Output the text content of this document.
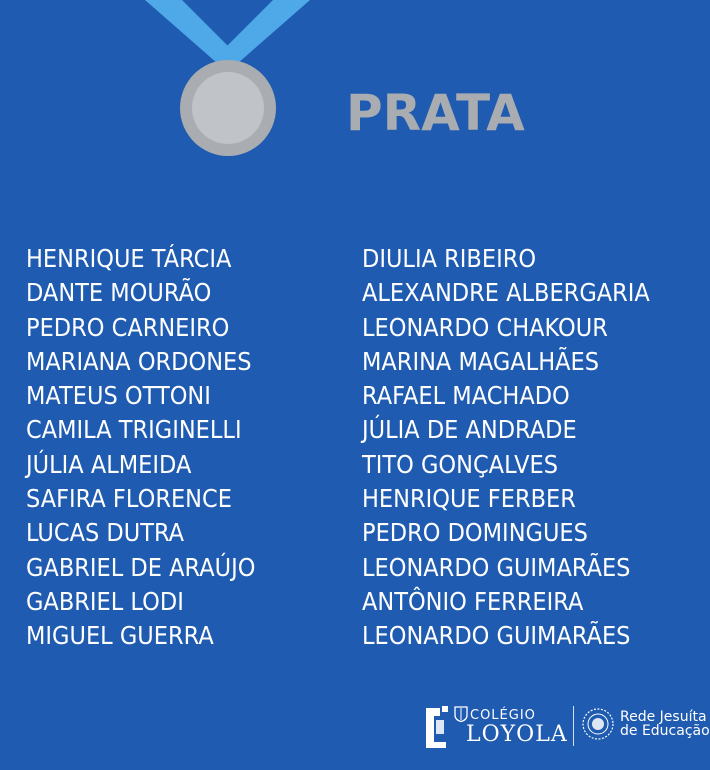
PRATA
HENRIQUE TÁRCIA
DANTE MOURÃO
PEDRO CARNEIRO
MARIANA ORDONES
MATEUS OTTONI
CAMILA TRIGINELLI
JÚLIA ALMEIDA
SAFIRA FLORENCE
LUCAS DUTRA
GABRIEL DE ARAÚJO
GABRIEL LODI
MIGUEL GUERRA
DIULIA RIBEIRO
ALEXANDRE ALBERGARIA
LEONARDO CHAKOUR
MARINA MAGALHÃES
RAFAEL MACHADO
JÚLIA DE ANDRADE
TITO GONÇALVES
HENRIQUE FERBER
PEDRO DOMINGUES
LEONARDO GUIMARÃES
ANTÔNIO FERREIRA
LEONARDO GUIMARÃES
COLÉGIO
LOYOLA
Rede Jesuíta
de Educação
